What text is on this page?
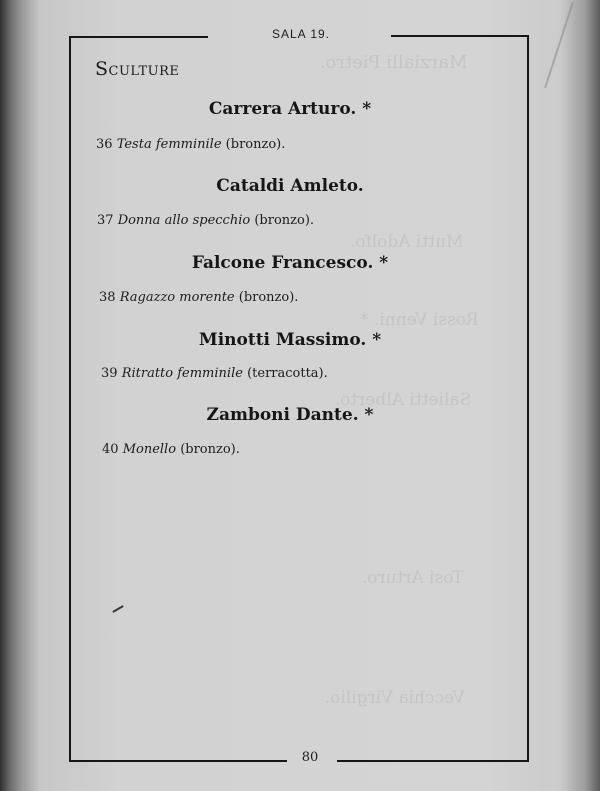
Marzialli Pietro.
Mutti Adolfo.
Rossi Venni. *
Salietti Alberto.
Tosi Arturo.
Vecchia Virgilio.
SALA 19.
Sculture
Carrera Arturo. *
36 Testa femminile (bronzo).
Cataldi Amleto.
37 Donna allo specchio (bronzo).
Falcone Francesco. *
38 Ragazzo morente (bronzo).
Minotti Massimo. *
39 Ritratto femminile (terracotta).
Zamboni Dante. *
40 Monello (bronzo).
80
